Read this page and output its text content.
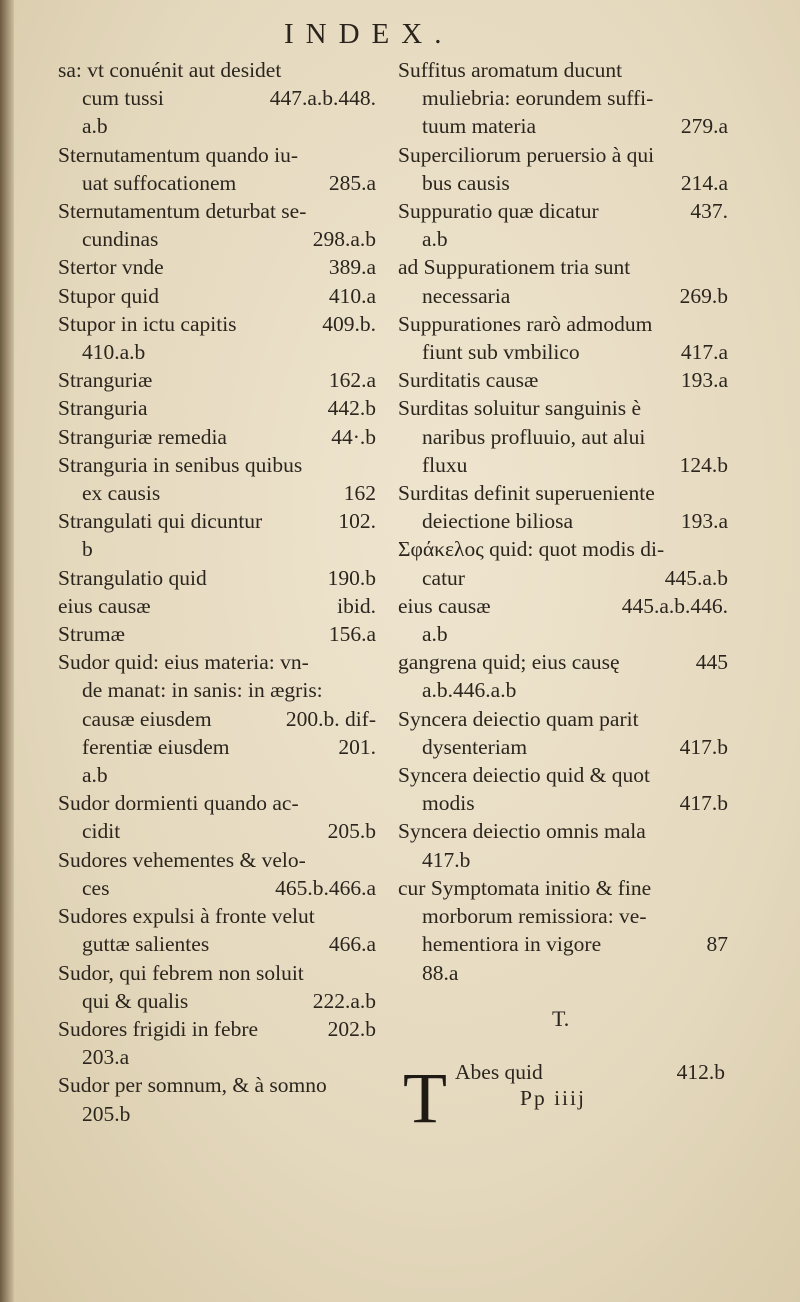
INDEX.
sa: vt conuénit aut desidet
cum tussi	447.a.b.448.
a.b
Sternutamentum quando iu-
uat suffocationem	285.a
Sternutamentum deturbat se-
cundinas	298.a.b
Stertor vnde	389.a
Stupor quid	410.a
Stupor in ictu capitis	409.b.
410.a.b
Stranguriæ	162.a
Stranguria	442.b
Stranguriæ remedia	44·.b
Stranguria in senibus quibus
ex causis	162
Strangulati qui dicuntur	102.
b
Strangulatio quid	190.b
eius causæ	ibid.
Strumæ	156.a
Sudor quid: eius materia: vn-
de manat: in sanis: in ægris:
causæ eiusdem	200.b. dif-
ferentiæ eiusdem	201.
a.b
Sudor dormienti quando ac-
cidit	205.b
Sudores vehementes & velo-
ces	465.b.466.a
Sudores expulsi à fronte velut
guttæ salientes	466.a
Sudor, qui febrem non soluit
qui & qualis	222.a.b
Sudores frigidi in febre	202.b
203.a
Sudor per somnum, & à somno
205.b
Suffitus aromatum ducunt
muliebria: eorundem suffi-
tuum materia	279.a
Superciliorum peruersio à qui
bus causis	214.a
Suppuratio quæ dicatur	437.
a.b
ad Suppurationem tria sunt
necessaria	269.b
Suppurationes rarò admodum
fiunt sub vmbilico	417.a
Surditatis causæ	193.a
Surditas soluitur sanguinis è
naribus profluuio, aut alui
fluxu	124.b
Surditas definit superueniente
deiectione biliosa	193.a
Σφάκελος quid: quot modis di-
catur	445.a.b
eius causæ	445.a.b.446.
a.b
gangrena quid; eius causę	445
a.b.446.a.b
Syncera deiectio quam parit
dysenteriam	417.b
Syncera deiectio quid & quot
modis	417.b
Syncera deiectio omnis mala
417.b
cur Symptomata initio & fine
morborum remissiora: ve-
hementiora in vigore	87
88.a
T.
T Abes quid	412.b
Pp iiij
